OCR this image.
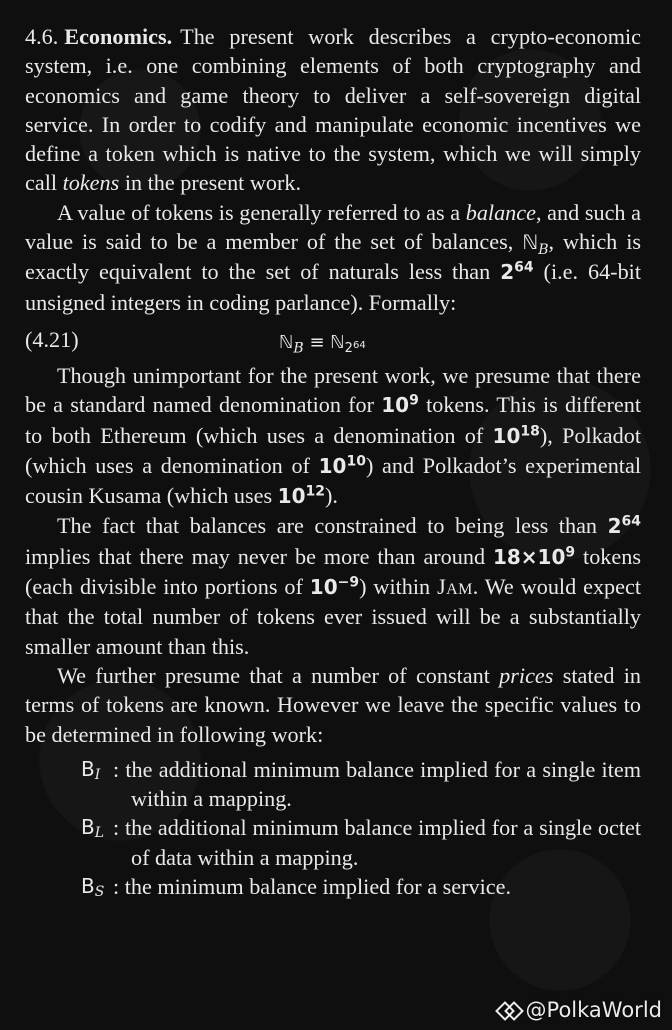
4.6. Economics. The present work describes a crypto-economic system, i.e. one combining elements of both cryptography and economics and game theory to deliver a self-sovereign digital service. In order to codify and manipulate economic incentives we define a token which is native to the system, which we will simply call tokens in the present work.

A value of tokens is generally referred to as a balance, and such a value is said to be a member of the set of balances, ℕ$_B$, which is exactly equivalent to the set of naturals less than $2^{64}$ (i.e. 64-bit unsigned integers in coding parlance). Formally:

(4.21)	ℕ$_B$ ≡ ℕ$_{2^{64}}$

Though unimportant for the present work, we presume that there be a standard named denomination for $10^9$ tokens. This is different to both Ethereum (which uses a denomination of $10^{18}$), Polkadot (which uses a denomination of $10^{10}$) and Polkadot’s experimental cousin Kusama (which uses $10^{12}$).

The fact that balances are constrained to being less than $2^{64}$ implies that there may never be more than around $18\times 10^9$ tokens (each divisible into portions of $10^{-9}$) within Jam. We would expect that the total number of tokens ever issued will be a substantially smaller amount than this.

We further presume that a number of constant prices stated in terms of tokens are known. However we leave the specific values to be determined in following work:

BI : the additional minimum balance implied for a single item within a mapping.
BL : the additional minimum balance implied for a single octet of data within a mapping.
BS : the minimum balance implied for a service.
@PolkaWorld
